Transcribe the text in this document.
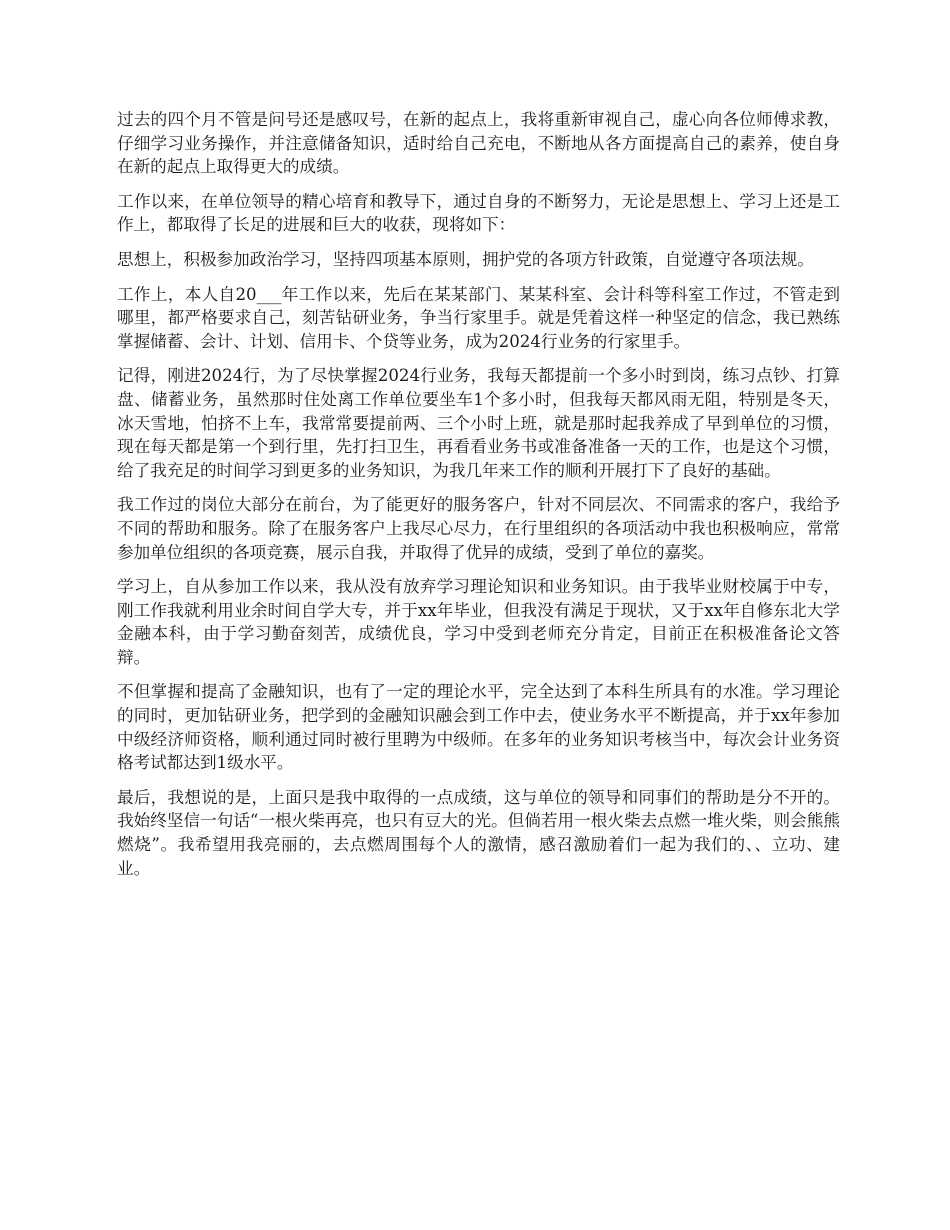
过去的四个月不管是问号还是感叹号，在新的起点上，我将重新审视自己，虚心向各位师傅求教，仔细学习业务操作，并注意储备知识，适时给自己充电，不断地从各方面提高自己的素养，使自身在新的起点上取得更大的成绩。

工作以来，在单位领导的精心培育和教导下，通过自身的不断努力，无论是思想上、学习上还是工作上，都取得了长足的进展和巨大的收获，现将如下：

思想上，积极参加政治学习，坚持四项基本原则，拥护党的各项方针政策，自觉遵守各项法规。

工作上，本人自20___年工作以来，先后在某某部门、某某科室、会计科等科室工作过，不管走到哪里，都严格要求自己，刻苦钻研业务，争当行家里手。就是凭着这样一种坚定的信念，我已熟练掌握储蓄、会计、计划、信用卡、个贷等业务，成为2024行业务的行家里手。

记得，刚进2024行，为了尽快掌握2024行业务，我每天都提前一个多小时到岗，练习点钞、打算盘、储蓄业务，虽然那时住处离工作单位要坐车1个多小时，但我每天都风雨无阻，特别是冬天，冰天雪地，怕挤不上车，我常常要提前两、三个小时上班，就是那时起我养成了早到单位的习惯，现在每天都是第一个到行里，先打扫卫生，再看看业务书或准备准备一天的工作，也是这个习惯，给了我充足的时间学习到更多的业务知识，为我几年来工作的顺利开展打下了良好的基础。

我工作过的岗位大部分在前台，为了能更好的服务客户，针对不同层次、不同需求的客户，我给予不同的帮助和服务。除了在服务客户上我尽心尽力，在行里组织的各项活动中我也积极响应，常常参加单位组织的各项竞赛，展示自我，并取得了优异的成绩，受到了单位的嘉奖。

学习上，自从参加工作以来，我从没有放弃学习理论知识和业务知识。由于我毕业财校属于中专，刚工作我就利用业余时间自学大专，并于xx年毕业，但我没有满足于现状，又于xx年自修东北大学金融本科，由于学习勤奋刻苦，成绩优良，学习中受到老师充分肯定，目前正在积极准备论文答辩。

不但掌握和提高了金融知识，也有了一定的理论水平，完全达到了本科生所具有的水准。学习理论的同时，更加钻研业务，把学到的金融知识融会到工作中去，使业务水平不断提高，并于xx年参加中级经济师资格，顺利通过同时被行里聘为中级师。在多年的业务知识考核当中，每次会计业务资格考试都达到1级水平。

最后，我想说的是，上面只是我中取得的一点成绩，这与单位的领导和同事们的帮助是分不开的。我始终坚信一句话“一根火柴再亮，也只有豆大的光。但倘若用一根火柴去点燃一堆火柴，则会熊熊燃烧”。我希望用我亮丽的，去点燃周围每个人的激情，感召激励着们一起为我们的、、立功、建业。
